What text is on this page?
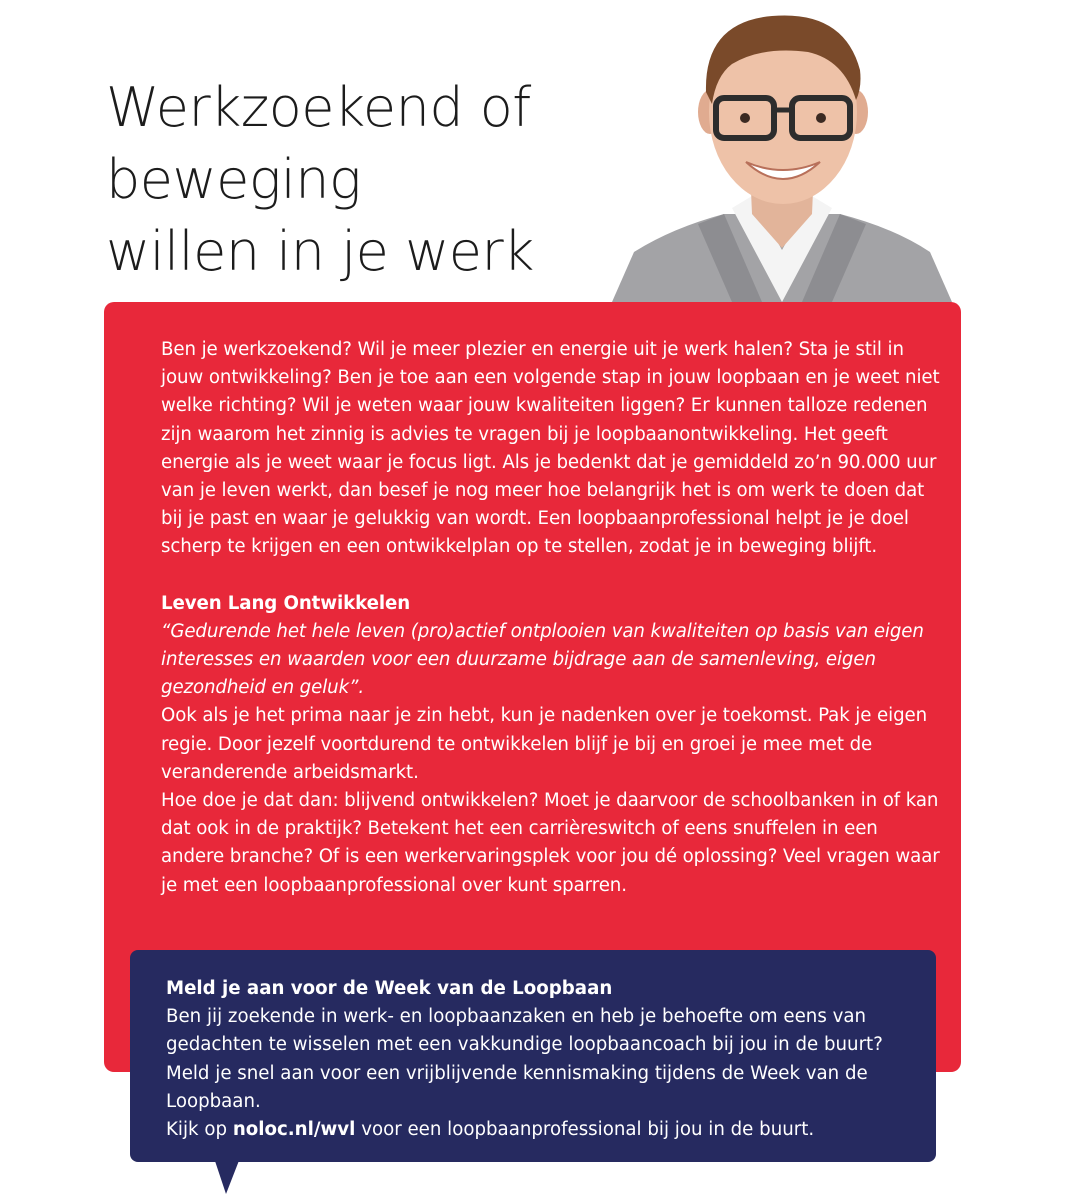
Werkzoekend of
beweging
willen in je werk

Ben je werkzoekend? Wil je meer plezier en energie uit je werk halen? Sta je stil in jouw ontwikkeling? Ben je toe aan een volgende stap in jouw loopbaan en je weet niet welke richting? Wil je weten waar jouw kwaliteiten liggen? Er kunnen talloze redenen zijn waarom het zinnig is advies te vragen bij je loopbaanontwikkeling. Het geeft energie als je weet waar je focus ligt. Als je bedenkt dat je gemiddeld zo’n 90.000 uur van je leven werkt, dan besef je nog meer hoe belangrijk het is om werk te doen dat bij je past en waar je gelukkig van wordt. Een loopbaanprofessional helpt je je doel scherp te krijgen en een ontwikkelplan op te stellen, zodat je in beweging blijft.

Leven Lang Ontwikkelen

“Gedurende het hele leven (pro)actief ontplooien van kwaliteiten op basis van eigen interesses en waarden voor een duurzame bijdrage aan de samenleving, eigen gezondheid en geluk”.

Ook als je het prima naar je zin hebt, kun je nadenken over je toekomst. Pak je eigen regie. Door jezelf voortdurend te ontwikkelen blijf je bij en groei je mee met de veranderende arbeidsmarkt.

Hoe doe je dat dan: blijvend ontwikkelen? Moet je daarvoor de schoolbanken in of kan dat ook in de praktijk? Betekent het een carrièreswitch of eens snuffelen in een andere branche? Of is een werkervaringsplek voor jou dé oplossing? Veel vragen waar je met een loopbaanprofessional over kunt sparren.

Meld je aan voor de Week van de Loopbaan

Ben jij zoekende in werk- en loopbaanzaken en heb je behoefte om eens van gedachten te wisselen met een vakkundige loopbaancoach bij jou in de buurt? Meld je snel aan voor een vrijblijvende kennismaking tijdens de Week van de Loopbaan.

Kijk op noloc.nl/wvl voor een loopbaanprofessional bij jou in de buurt.
